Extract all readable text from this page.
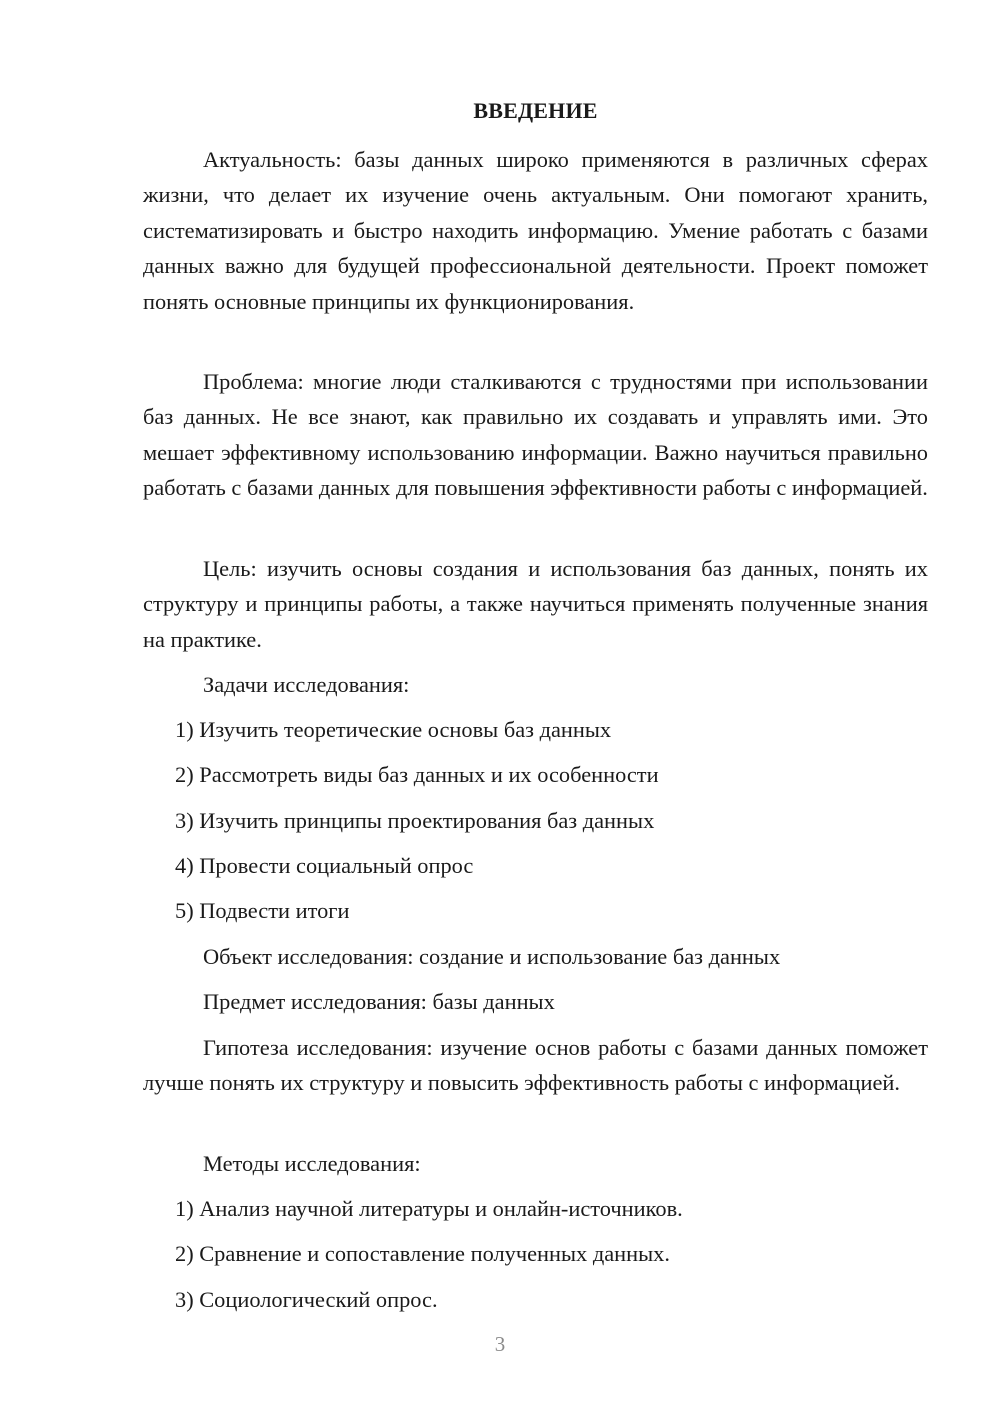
ВВЕДЕНИЕ

Актуальность: базы данных широко применяются в различных сферах жизни, что делает их изучение очень актуальным. Они помогают хранить, систематизировать и быстро находить информацию. Умение работать с базами данных важно для будущей профессиональной деятельности. Проект поможет понять основные принципы их функционирования.

Проблема: многие люди сталкиваются с трудностями при использовании баз данных. Не все знают, как правильно их создавать и управлять ими. Это мешает эффективному использованию информации. Важно научиться правильно работать с базами данных для повышения эффективности работы с информацией.

Цель: изучить основы создания и использования баз данных, понять их структуру и принципы работы, а также научиться применять полученные знания на практике.

Задачи исследования:

1) Изучить теоретические основы баз данных

2) Рассмотреть виды баз данных и их особенности

3) Изучить принципы проектирования баз данных

4) Провести социальный опрос

5) Подвести итоги

Объект исследования: создание и использование баз данных

Предмет исследования: базы данных

Гипотеза исследования: изучение основ работы с базами данных поможет лучше понять их структуру и повысить эффективность работы с информацией.

Методы исследования:

1) Анализ научной литературы и онлайн-источников.

2) Сравнение и сопоставление полученных данных.

3) Социологический опрос.

3
